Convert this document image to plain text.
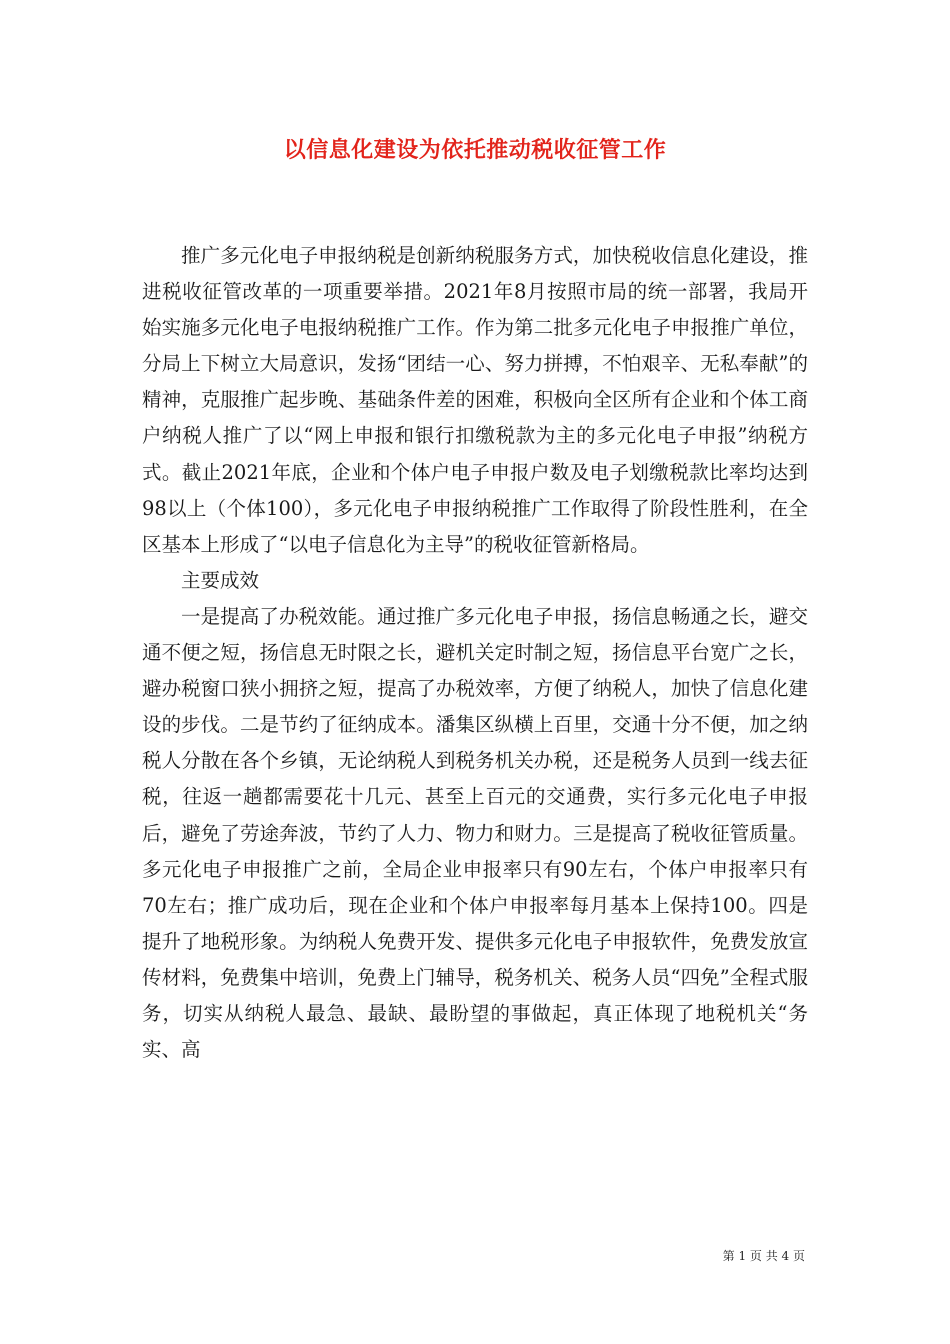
以信息化建设为依托推动税收征管工作

推广多元化电子申报纳税是创新纳税服务方式，加快税收信息化建设，推进税收征管改革的一项重要举措。2021年8月按照市局的统一部署，我局开始实施多元化电子电报纳税推广工作。作为第二批多元化电子申报推广单位，分局上下树立大局意识，发扬“团结一心、努力拼搏，不怕艰辛、无私奉献”的精神，克服推广起步晚、基础条件差的困难，积极向全区所有企业和个体工商户纳税人推广了以“网上申报和银行扣缴税款为主的多元化电子申报”纳税方式。截止2021年底，企业和个体户电子申报户数及电子划缴税款比率均达到98以上（个体100），多元化电子申报纳税推广工作取得了阶段性胜利，在全区基本上形成了“以电子信息化为主导”的税收征管新格局。

主要成效

一是提高了办税效能。通过推广多元化电子申报，扬信息畅通之长，避交通不便之短，扬信息无时限之长，避机关定时制之短，扬信息平台宽广之长，避办税窗口狭小拥挤之短，提高了办税效率，方便了纳税人，加快了信息化建设的步伐。二是节约了征纳成本。潘集区纵横上百里，交通十分不便，加之纳税人分散在各个乡镇，无论纳税人到税务机关办税，还是税务人员到一线去征税，往返一趟都需要花十几元、甚至上百元的交通费，实行多元化电子申报后，避免了劳途奔波，节约了人力、物力和财力。三是提高了税收征管质量。多元化电子申报推广之前，全局企业申报率只有90左右，个体户申报率只有70左右；推广成功后，现在企业和个体户申报率每月基本上保持100。四是提升了地税形象。为纳税人免费开发、提供多元化电子申报软件，免费发放宣传材料，免费集中培训，免费上门辅导，税务机关、税务人员“四免”全程式服务，切实从纳税人最急、最缺、最盼望的事做起，真正体现了地税机关“务实、高

第 1 页 共 4 页
